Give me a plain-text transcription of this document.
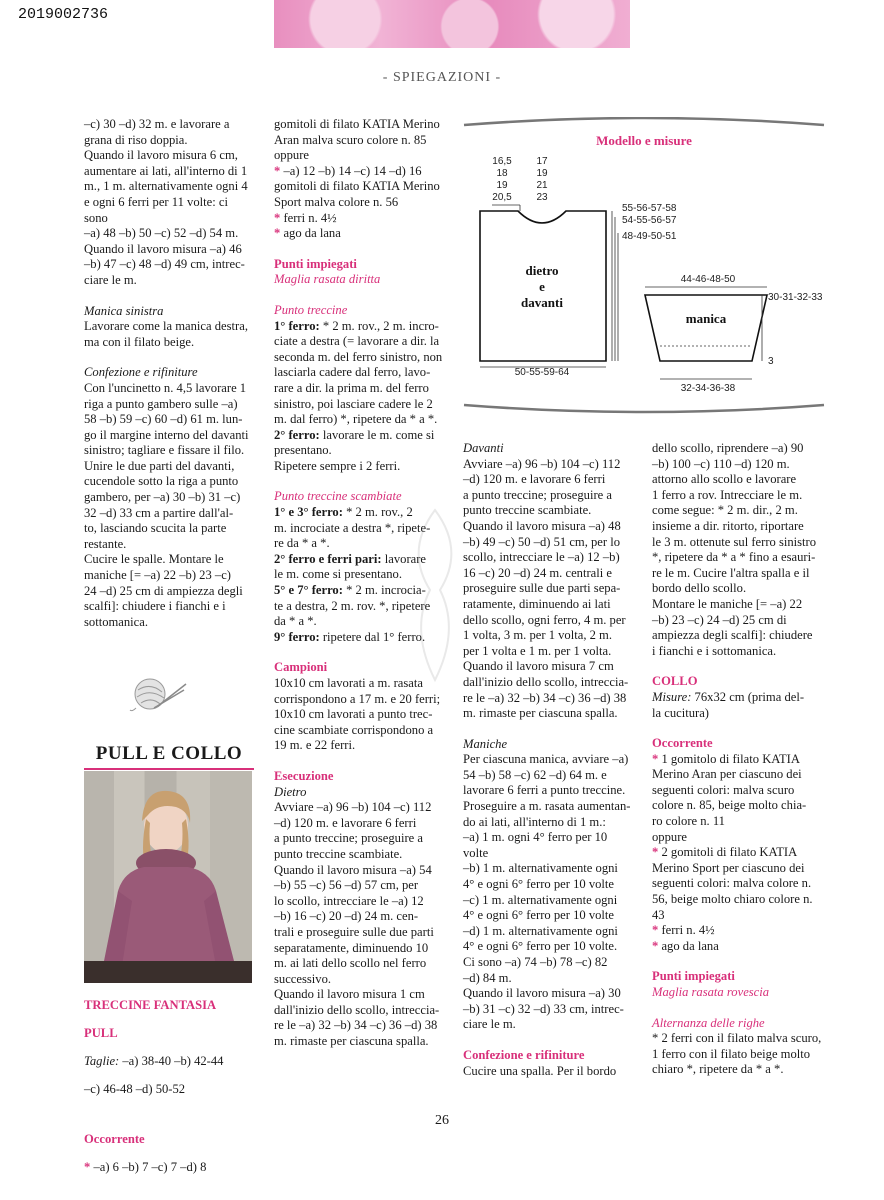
2019002736
- SPIEGAZIONI -

–c) 30 –d) 32 m. e lavorare a

grana di riso doppia.

Quando il lavoro misura 6 cm,

aumentare ai lati, all'interno di 1

m., 1 m. alternativamente ogni 4

e ogni 6 ferri per 11 volte: ci sono

–a) 48 –b) 50 –c) 52 –d) 54 m.

Quando il lavoro misura –a) 46

–b) 47 –c) 48 –d) 49 cm, intrec-

ciare le m.

Manica sinistra

Lavorare come la manica destra,

ma con il filato beige.

Confezione e rifiniture

Con l'uncinetto n. 4,5 lavorare 1

riga a punto gambero sulle –a)

58 –b) 59 –c) 60 –d) 61 m. lun-

go il margine interno del davanti

sinistro; tagliare e fissare il filo.

Unire le due parti del davanti,

cucendole sotto la riga a punto

gambero, per –a) 30 –b) 31 –c)

32 –d) 33 cm a partire dall'al-

to, lasciando scucita la parte

restante.

Cucire le spalle. Montare le

maniche [= –a) 22 –b) 23 –c)

24 –d) 25 cm di ampiezza degli

scalfi]: chiudere i fianchi e i

sottomanica.

PULL E COLLO

TRECCINE FANTASIA

PULL

Taglie: –a) 38-40 –b) 42-44

–c) 46-48 –d) 50-52

Occorrente

* –a) 6 –b) 7 –c) 7 –d) 8

gomitoli di filato KATIA Merino

Aran malva scuro colore n. 85

oppure

* –a) 12 –b) 14 –c) 14 –d) 16

gomitoli di filato KATIA Merino

Sport malva colore n. 56

* ferri n. 4½

* ago da lana

Punti impiegati

Maglia rasata diritta

Punto treccine

1° ferro: * 2 m. rov., 2 m. incro-

ciate a destra (= lavorare a dir. la

seconda m. del ferro sinistro, non

lasciarla cadere dal ferro, lavo-

rare a dir. la prima m. del ferro

sinistro, poi lasciare cadere le 2

m. dal ferro) *, ripetere da * a *.

2° ferro: lavorare le m. come si

presentano.

Ripetere sempre i 2 ferri.

Punto treccine scambiate

1° e 3° ferro: * 2 m. rov., 2

m. incrociate a destra *, ripete-

re da * a *.

2° ferro e ferri pari: lavorare

le m. come si presentano.

5° e 7° ferro: * 2 m. incrocia-

te a destra, 2 m. rov. *, ripetere

da * a *.

9° ferro: ripetere dal 1° ferro.

Campioni

10x10 cm lavorati a m. rasata

corrispondono a 17 m. e 20 ferri;

10x10 cm lavorati a punto trec-

cine scambiate corrispondono a

19 m. e 22 ferri.

Esecuzione

Dietro

Avviare –a) 96 –b) 104 –c) 112

–d) 120 m. e lavorare 6 ferri

a punto treccine; proseguire a

punto treccine scambiate.

Quando il lavoro misura –a) 54

–b) 55 –c) 56 –d) 57 cm, per

lo scollo, intrecciare le –a) 12

–b) 16 –c) 20 –d) 24 m. cen-

trali e proseguire sulle due parti

separatamente, diminuendo 10

m. ai lati dello scollo nel ferro

successivo.

Quando il lavoro misura 1 cm

dall'inizio dello scollo, intreccia-

re le –a) 32 –b) 34 –c) 36 –d) 38

m. rimaste per ciascuna spalla.

Modello e misure
16,5 17
18	19
19	21
20,5 23
55-56-57-58
54-55-56-57
48-49-50-51
50-55-59-64
44-46-48-50
30-31-32-33
3
32-34-36-38
dietro
e
davanti
manica

Davanti

Avviare –a) 96 –b) 104 –c) 112

–d) 120 m. e lavorare 6 ferri

a punto treccine; proseguire a

punto treccine scambiate.

Quando il lavoro misura –a) 48

–b) 49 –c) 50 –d) 51 cm, per lo

scollo, intrecciare le –a) 12 –b)

16 –c) 20 –d) 24 m. centrali e

proseguire sulle due parti sepa-

ratamente, diminuendo ai lati

dello scollo, ogni ferro, 4 m. per

1 volta, 3 m. per 1 volta, 2 m.

per 1 volta e 1 m. per 1 volta.

Quando il lavoro misura 7 cm

dall'inizio dello scollo, intreccia-

re le –a) 32 –b) 34 –c) 36 –d) 38

m. rimaste per ciascuna spalla.

Maniche

Per ciascuna manica, avviare –a)

54 –b) 58 –c) 62 –d) 64 m. e

lavorare 6 ferri a punto treccine.

Proseguire a m. rasata aumentan-

do ai lati, all'interno di 1 m.:

–a) 1 m. ogni 4° ferro per 10 volte

–b) 1 m. alternativamente ogni

4° e ogni 6° ferro per 10 volte

–c) 1 m. alternativamente ogni

4° e ogni 6° ferro per 10 volte

–d) 1 m. alternativamente ogni

4° e ogni 6° ferro per 10 volte.

Ci sono –a) 74 –b) 78 –c) 82

–d) 84 m.

Quando il lavoro misura –a) 30

–b) 31 –c) 32 –d) 33 cm, intrec-

ciare le m.

Confezione e rifiniture

Cucire una spalla. Per il bordo

dello scollo, riprendere –a) 90

–b) 100 –c) 110 –d) 120 m.

attorno allo scollo e lavorare

1 ferro a rov. Intrecciare le m.

come segue: * 2 m. dir., 2 m.

insieme a dir. ritorto, riportare

le 3 m. ottenute sul ferro sinistro

*, ripetere da * a * fino a esauri-

re le m. Cucire l'altra spalla e il

bordo dello scollo.

Montare le maniche [= –a) 22

–b) 23 –c) 24 –d) 25 cm di

ampiezza degli scalfi]: chiudere

i fianchi e i sottomanica.

COLLO

Misure: 76x32 cm (prima del-

la cucitura)

Occorrente

* 1 gomitolo di filato KATIA

Merino Aran per ciascuno dei

seguenti colori: malva scuro

colore n. 85, beige molto chia-

ro colore n. 11

oppure

* 2 gomitoli di filato KATIA

Merino Sport per ciascuno dei

seguenti colori: malva colore n.

56, beige molto chiaro colore n. 43

* ferri n. 4½

* ago da lana

Punti impiegati

Maglia rasata rovescia

Alternanza delle righe

* 2 ferri con il filato malva scuro,

1 ferro con il filato beige molto

chiaro *, ripetere da * a *.

26
